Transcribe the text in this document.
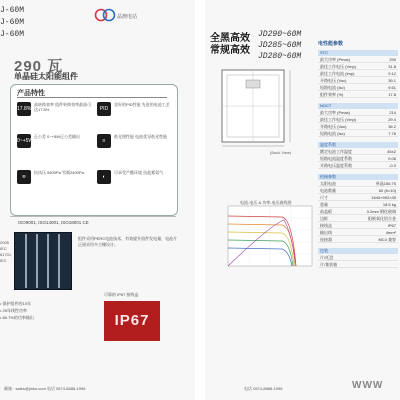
J-60M
J-60M
J-60M
晶澳电站
290 瓦
单晶硅太阳能组件
产品特性
17.8%
高转换效率 组件转换效率最高可达17.8%	PID
良好的PID性能 先进的电池工艺
0~+5W
正公差 0~+5W正公差输出
≡
低光照性能 电池优异低光性能
≋
抗风压 5400Pa 雪载2400Pa
◐
可承受严酷环境 抗盐雾氨气
ISO9001, ISO14001, ISO18001 CE
2005
IEC 61701, IEC
组件采用PERC电池技术，有效提升组件发电量，电池片正面采用多主栅设计。
• 保护组件的10年
• 25年线性功率
• 80.7%的功率输出
可靠的 IP67 接线盒
IP67
邮箱 · sales@jinko.com 电话 0574-8888-1996
全黑高效
常规高效
JD290~60M
JD285~60M
JD280~60M
(Back View)
电流-电压 & 功率-电压曲线图
电性能参数
STC
最大功率 (Pmax)	290
最佳工作电压 (Vmp)	31.8
最佳工作电流 (Imp)	9.12
开路电压 (Voc)	39.1
短路电流 (Isc)	9.61
组件效率 (%)	17.8
NOCT
最大功率 (Pmax)	214
最佳工作电压 (Vmp)	29.4
开路电压 (Voc)	36.2
短路电流 (Isc)	7.76
温度系数
额定电池工作温度	45±2
短路电流温度系数	0.06
开路电压温度系数	-0.3
机械参数
太阳电池	单晶156.75
电池数量	60 (6×10)
尺寸	1640×992×35
重量	18.5 kg
前盖板	3.2mm 钢化玻璃
边框	阳极氧化铝合金
接线盒	IP67
输出线	4mm²
连接器	MC4 兼容
包装
片/托盘
片/集装箱
WWW
电话 0574-8888-1996
